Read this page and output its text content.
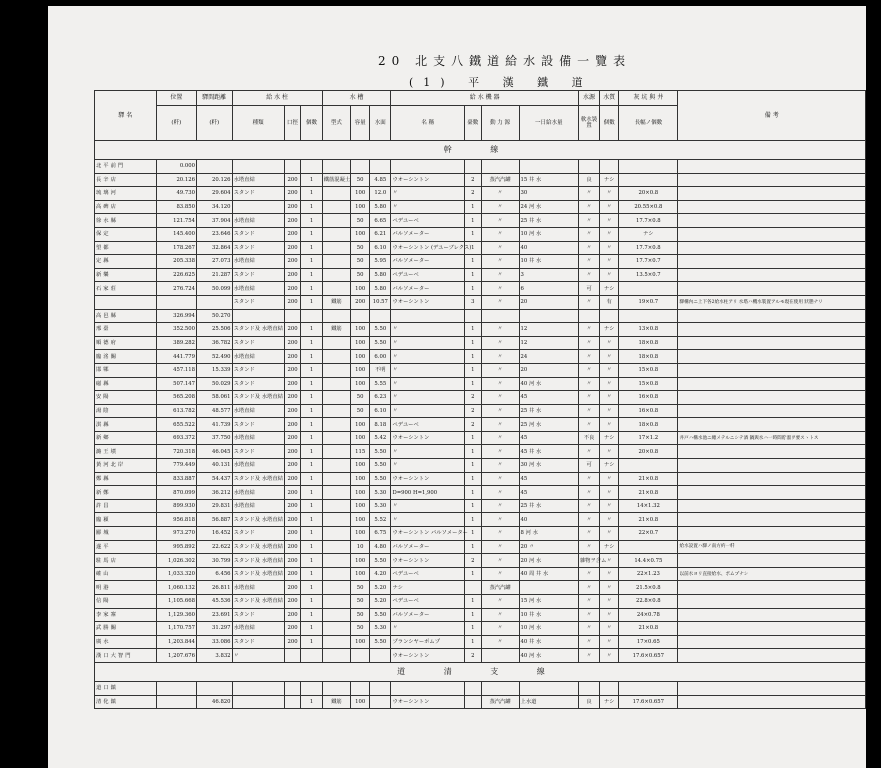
20 北支八鐵道給水設備一覽表
(1) 平 漢 鐵 道
驛 名	位置	驛間距離	給 水 柱			水 槽			給 水 機 器				水源	水質	灰 坑 與 井	備 考
	(粁)	(粁)	種類	口徑	個數	型式	容量	水面	名 稱	臺數	動 力 源	一日給水量	軟水裝置	個數	長幅ノ個數	
幹 線																
北平前門	0.000															
長辛店	20.126	20.126	水塔直結	200	1	鐵筋混凝土	50	4.85	ウオーシントン	2	蒸汽汽罐	15 井 水	良	ナシ		
琉璃河	49.730	29.604	スタンド	200	1		100	12.0	〃	2	〃	30	〃	〃	20×0.8	
高碑店	83.850	34.120		200	1		100	5.80	〃	1	〃	24 河 水	〃	〃	20.55×0.8	
徐水縣	121.754	37.904	水塔直結	200	1		50	6.65	ペデユーベ	1	〃	25 井 水	〃	〃	17.7×0.8	
保定	145.400	23.646	スタンド	200	1		100	6.21	バルソメーター	1	〃	10 河 水	〃	〃	ナシ	
望都	178.267	32.864	スタンド	200	1		50	6.10	ウオーシントン (デユーブレクス)	1	〃	40	〃	〃	17.7×0.8	
定縣	205.338	27.073	水塔直結	200	1		50	5.95	バルソメーター	1	〃	10 井 水	〃	〃	17.7×0.7	
新樂	226.625	21.287	スタンド	200	1		50	5.80	ペデユーベ	1	〃	3	〃	〃	13.5×0.7	
石家莊	276.724	50.099	水塔直結	200	1		100	5.80	バルソメーター	1	〃	6	可	ナシ		
			スタンド	200	1	鐵筋	200	10.57	ウオーシントン	3	〃	20	〃	有	19×0.7	驛構內ニ上下各2給水柱アリ 水塔ハ機水裝置アルモ現在使用 狀態ナリ
高邑縣	326.994	50.270														
邢臺	352.500	25.506	スタンド及 水塔直結	200	1	鐵筋	100	5.50	〃	1	〃	12	〃	ナシ	13×0.8	
順德府	389.282	36.782	スタンド	200	1		100	5.50	〃	1	〃	12	〃	〃	18×0.8	
臨洺關	441.779	52.490	水塔直結	200	1		100	6.00	〃	1	〃	24	〃	〃	18×0.8	
邯鄲	457.118	15.339	スタンド	200	1		100	不明	〃	1	〃	20	〃	〃	15×0.8	
磁縣	507.147	50.029	スタンド	200	1		100	5.55	〃	1	〃	40 河 水	〃	〃	15×0.8	
安陽	565.208	58.061	スタンド及 水塔直結	200	1		50	6.23	〃	2	〃	45	〃	〃	16×0.8	
湯陰	613.782	48.577	水塔直結	200	1		50	6.10	〃	2	〃	25 井 水	〃	〃	16×0.8	
淇縣	655.522	41.739	スタンド	200	1		100	8.18	ペデユーベ	2	〃	25 河 水	〃	〃	18×0.8	
新鄉	693.372	37.750	水塔直結	200	1		100	5.42	ウオーシントン	1	〃	45	不良	ナシ	17×1.2	井戸ハ構水池ニ總メテルニシテ酒 鍋與水ハ一時間貯溜ヲ要スヽトス
潞王墳	720.318	46.045	スタンド	200	1		115	5.50	〃	1	〃	45 井 水	〃	〃	20×0.8	
黃河北岸	779.449	40.131	水塔直結	200	1		100	5.50	〃	1	〃	30 河 水	可	ナシ		
鄭縣	833.887	54.437	スタンド及 水塔直結	200	1		100	5.50	ウオーシントン	1	〃	45	〃	〃	21×0.8	
新鄭	870.099	36.212	水塔直結	200	1		100	5.30	D=900 H=1,900	1	〃	45	〃	〃	21×0.8	
許昌	899.930	29.831	水塔直結	200	1		100	5.30	〃	1	〃	25 井 水	〃	〃	14×1.32	
臨潁	956.818	56.887	スタンド及 水塔直結	200	1		100	5.52	〃	1	〃	40	〃	〃	21×0.8	
郾城	973.270	16.452	スタンド	200	1		100	6.75	ウオーシントン バルソメーター	1	〃	8 河 水	〃	〃	22×0.7	
遂平	995.892	22.622	スタンド及 水塔直結	200	1		10	4.80	バルソメーター	1	〃	20 〃	〃	ナシ		給水設置ハ驛ノ南方約一粁
駐馬店	1,026.302	30.799	スタンド及 水塔直結	200	1		100	5.50	ウオーシントン	2	〃	20 河 水	雜物ヲ含ム	〃	14.4×0.75	
確山	1,033.320	6.456	スタンド及 水塔直結	200	1		100	4.20	ペデユーベ	1	〃	40 周 井 水	〃	〃	22×1.23	以前水ヨリ直接給水、ポムプナシ
明港	1,060.132	26.811	水塔直結	200	1		50	5.20	ナシ		蒸汽汽罐		〃	〃	21.5×0.8	
信陽	1,105.668	45.536	スタンド及 水塔直結	200	1		50	5.20	ペデユーベ	1	〃	15 河 水	〃	〃	22.8×0.8	
李家寨	1,129.360	23.691	スタンド	200	1		50	5.50	バルソメーター	1	〃	10 井 水	〃	〃	24×0.78	
武勝關	1,170.757	31.297	水塔直結	200	1		50	5.30	〃	1	〃	10 河 水	〃	〃	21×0.8	
廣水	1,203.844	33.086	スタンド	200	1		100	5.50	プランシヤーポムプ	1	〃	40 井 水	〃	〃	17×0.65	
漢口大智門	1,207.676	3.832	〃						ウオーシントン	2		40 河 水	〃	〃	17.6×0.657	
道 清 支 線																
道口鎮																
清化鎮		46.820			1	鐵筋	100		ウオーシントン		蒸汽汽罐	上水道	良	ナシ	17.6×0.657	
